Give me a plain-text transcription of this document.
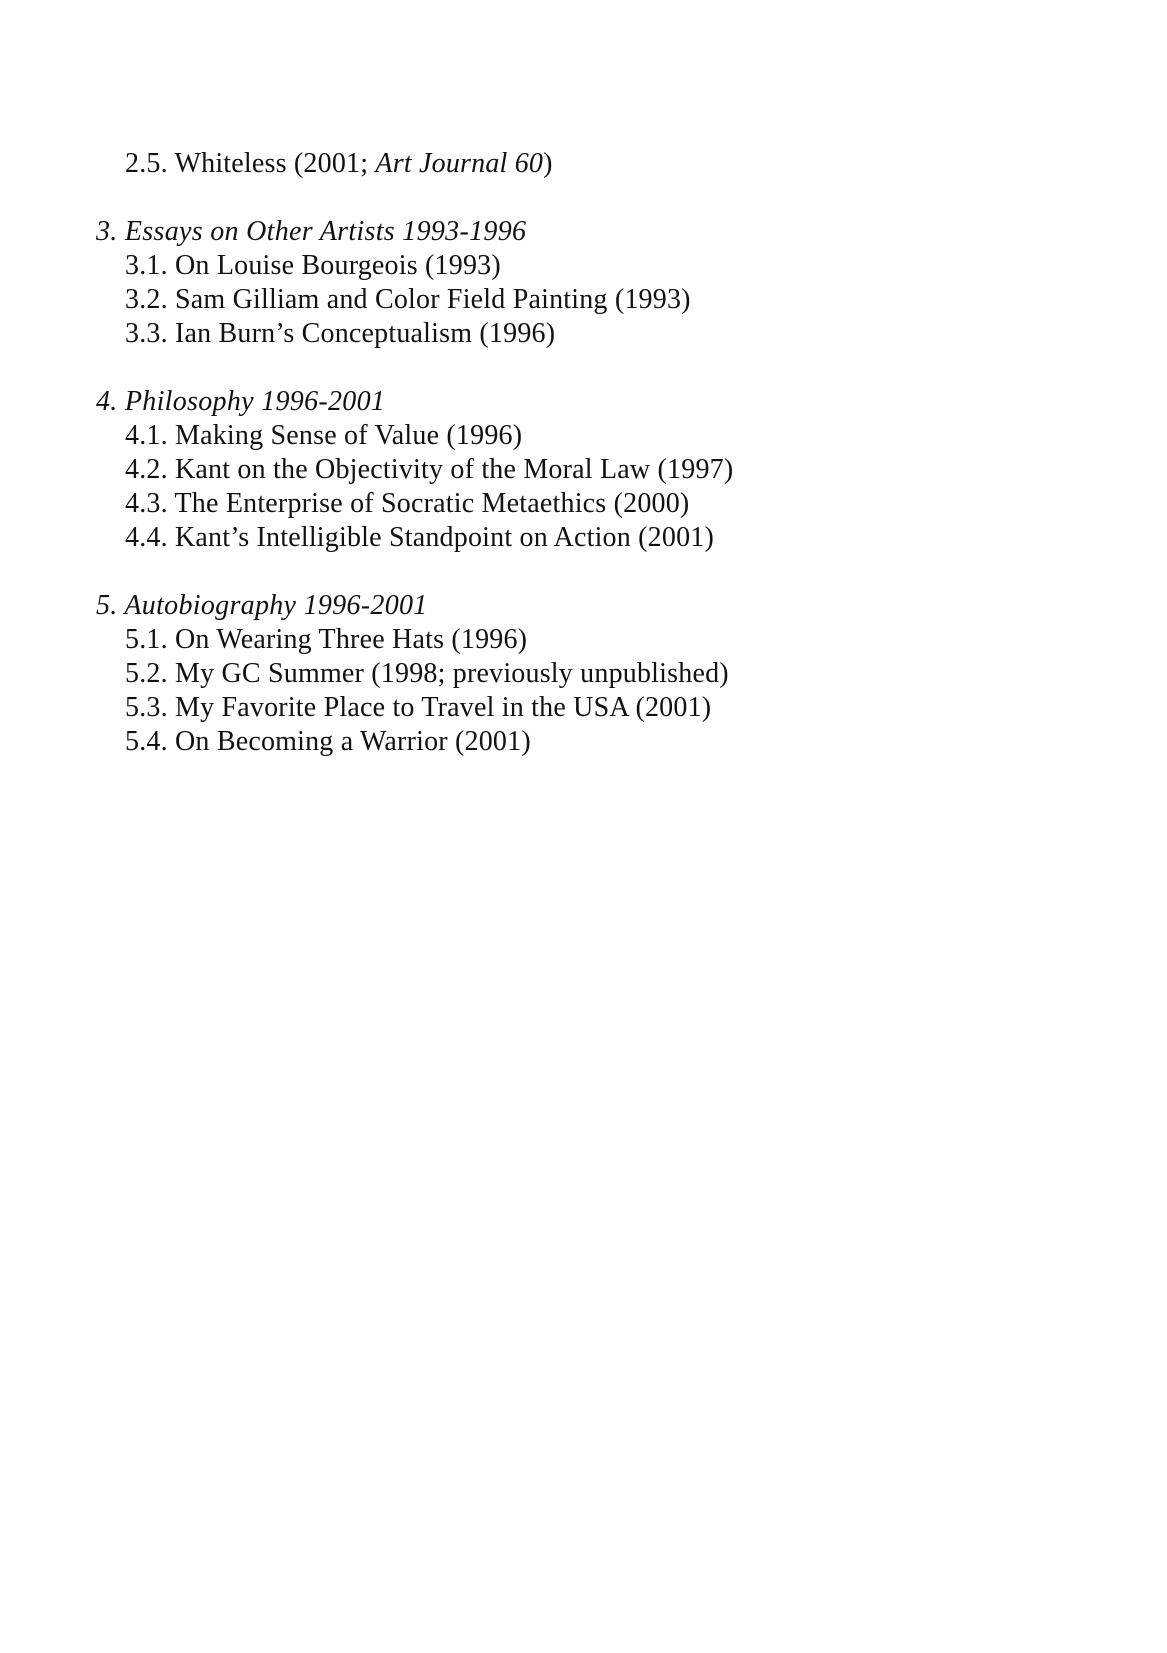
2.5. Whiteless (2001; Art Journal 60)

3. Essays on Other Artists 1993-1996

3.1. On Louise Bourgeois (1993)

3.2. Sam Gilliam and Color Field Painting (1993)

3.3. Ian Burn’s Conceptualism (1996)

4. Philosophy 1996-2001

4.1. Making Sense of Value (1996)

4.2. Kant on the Objectivity of the Moral Law (1997)

4.3. The Enterprise of Socratic Metaethics (2000)

4.4. Kant’s Intelligible Standpoint on Action (2001)

5. Autobiography 1996-2001

5.1. On Wearing Three Hats (1996)

5.2. My GC Summer (1998; previously unpublished)

5.3. My Favorite Place to Travel in the USA (2001)

5.4. On Becoming a Warrior (2001)
